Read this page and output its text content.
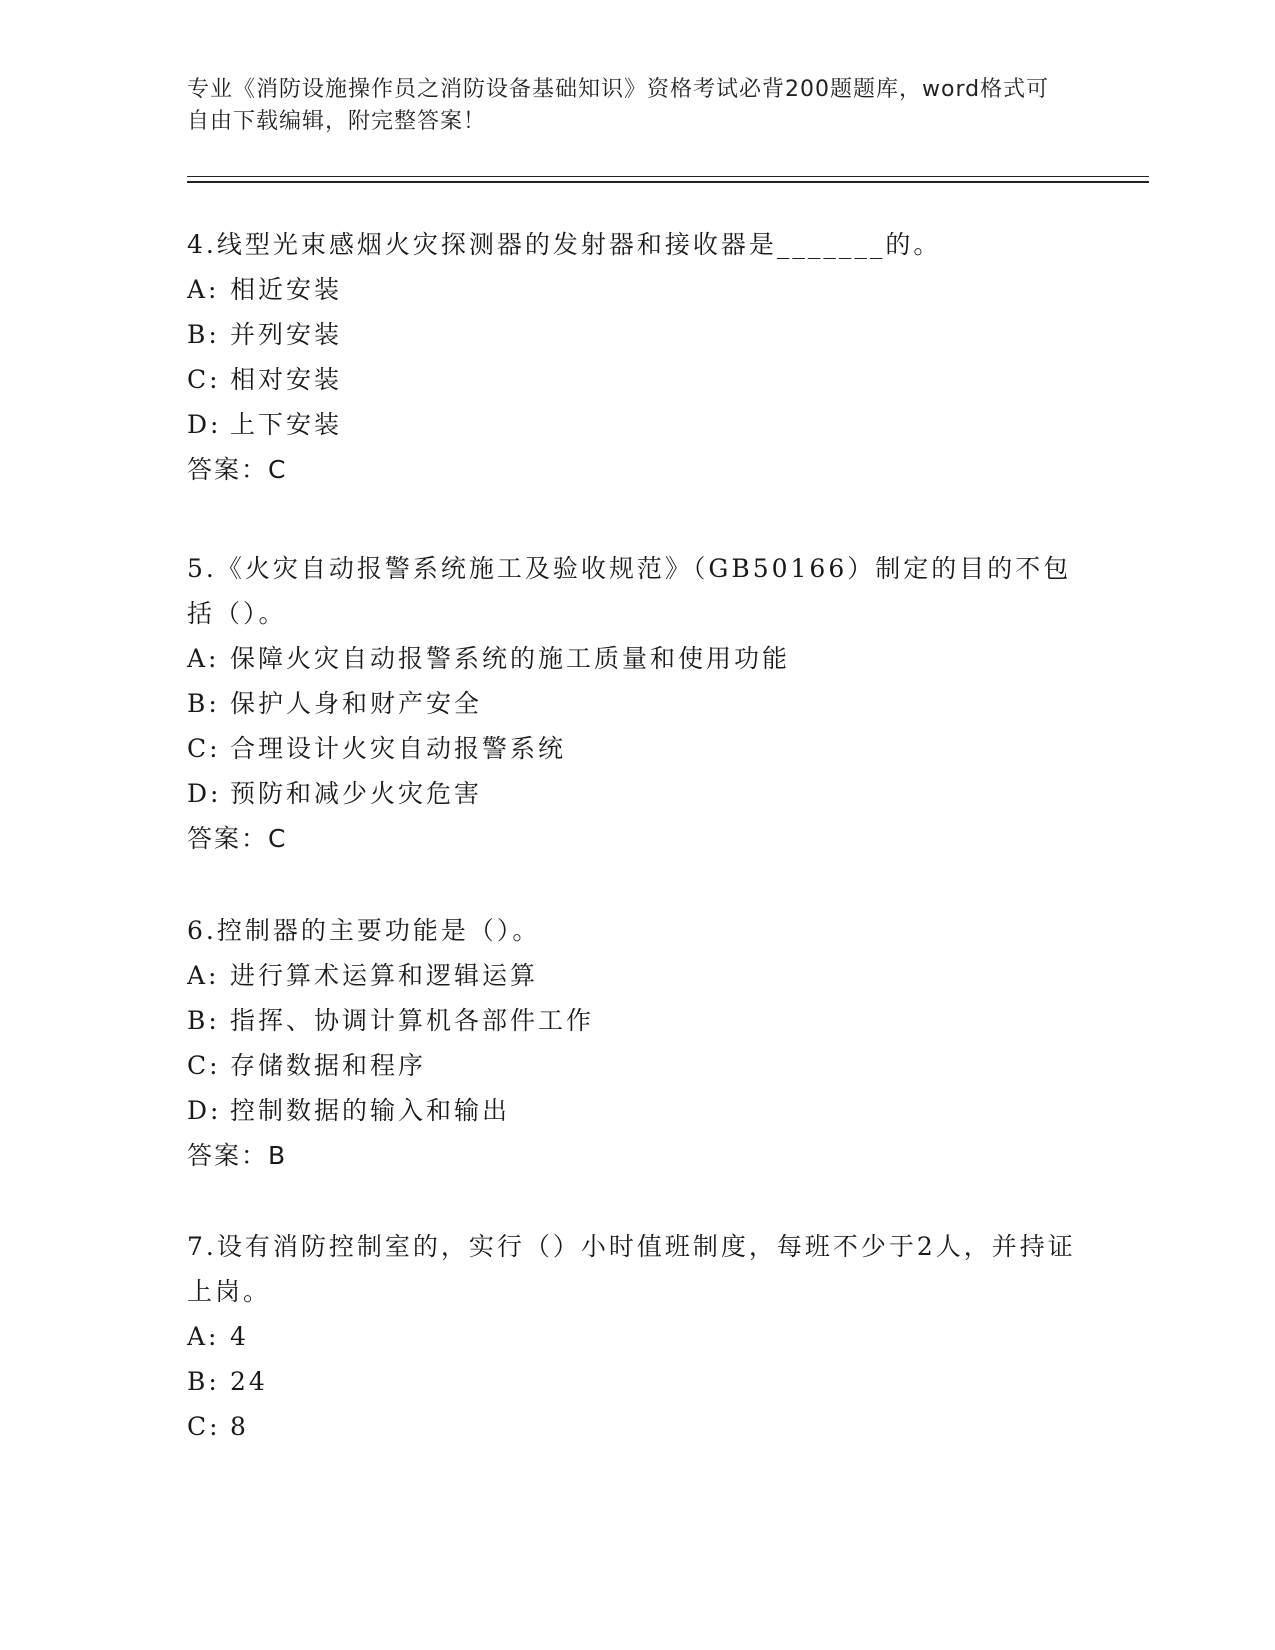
专业《消防设施操作员之消防设备基础知识》资格考试必背200题题库，word格式可自由下载编辑，附完整答案！

4.线型光束感烟火灾探测器的发射器和接收器是_______的。

A: 相近安装
B: 并列安装
C: 相对安装
D: 上下安装

答案：C

5.《火灾自动报警系统施工及验收规范》（GB50166）制定的目的不包括（）。

A: 保障火灾自动报警系统的施工质量和使用功能
B: 保护人身和财产安全
C: 合理设计火灾自动报警系统
D: 预防和减少火灾危害

答案：C

6.控制器的主要功能是（）。

A: 进行算术运算和逻辑运算
B: 指挥、协调计算机各部件工作
C: 存储数据和程序
D: 控制数据的输入和输出

答案：B

7.设有消防控制室的，实行（）小时值班制度，每班不少于2人，并持证上岗。

A: 4
B: 24
C: 8
